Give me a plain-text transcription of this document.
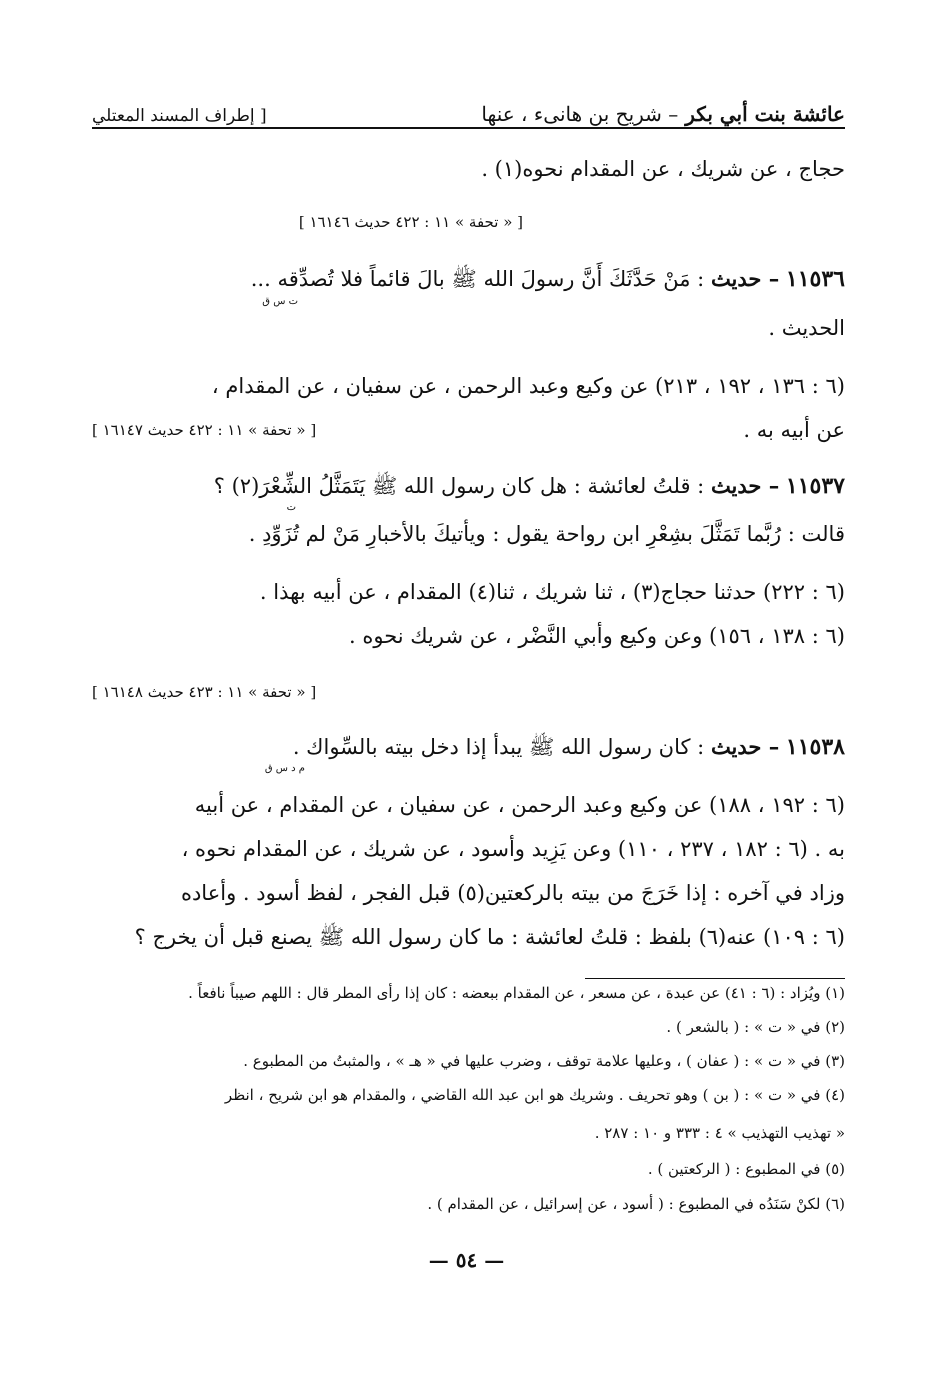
[ إطراف المسند المعتلي	عائشة بنت أبي بكر – شريح بن هانىء ، عنها
حجاج ، عن شريك ، عن المقدام نحوه(١) .
[ « تحفة » ١١ : ٤٢٢ حديث ١٦١٤٦ ]
١١٥٣٦ – حديث : مَنْ حَدَّثَكَ أَنَّ رسولَ الله ﷺ بالَ قائماً فلا تُصدِّقه ...
ت س ق
الحديث .
(٦ : ١٣٦ ، ١٩٢ ، ٢١٣) عن وكيع وعبد الرحمن ، عن سفيان ، عن المقدام ،
عن أبيه به .
[ « تحفة » ١١ : ٤٢٢ حديث ١٦١٤٧ ]
١١٥٣٧ – حديث : قلتُ لعائشة : هل كان رسول الله ﷺ يَتَمَثَّلُ الشِّعْرَ(٢) ؟
ت
قالت : رُبَّما تَمَثَّلَ بشِعْرِ ابن رواحة يقول : ويأتيكَ بالأخبارِ مَنْ لم تُزَوِّدِ .
(٦ : ٢٢٢) حدثنا حجاج(٣) ، ثنا شريك ، ثنا(٤) المقدام ، عن أبيه بهذا .
(٦ : ١٣٨ ، ١٥٦) وعن وكيع وأبي النَّضْر ، عن شريك نحوه .
[ « تحفة » ١١ : ٤٢٣ حديث ١٦١٤٨ ]
١١٥٣٨ – حديث : كان رسول الله ﷺ يبدأ إذا دخل بيته بالسِّواك .
م د س ق
(٦ : ١٩٢ ، ١٨٨) عن وكيع وعبد الرحمن ، عن سفيان ، عن المقدام ، عن أبيه
به . (٦ : ١٨٢ ، ٢٣٧ ، ١١٠) وعن يَزِيد وأسود ، عن شريك ، عن المقدام نحوه ،
وزاد في آخره : إذا خَرَجَ من بيته بالركعتين(٥) قبل الفجر ، لفظ أسود . وأعاده
(٦ : ١٠٩) عنه(٦) بلفظ : قلتُ لعائشة : ما كان رسول الله ﷺ يصنع قبل أن يخرج ؟
(١) ويُزاد : (٦ : ٤١) عن عبدة ، عن مسعر ، عن المقدام ببعضه : كان إذا رأى المطر قال : اللهم صيباً نافعاً .
(٢) في « ت » : ( بالشعر ) .
(٣) في « ت » : ( عفان ) ، وعليها علامة توقف ، وضرب عليها في « هـ » ، والمثبتُ من المطبوع .
(٤) في « ت » : ( بن ) وهو تحريف . وشريك هو ابن عبد الله القاضي ، والمقدام هو ابن شريح ، انظر
« تهذيب التهذيب » ٤ : ٣٣٣ و ١٠ : ٢٨٧ .
(٥) في المطبوع : ( الركعتين ) .
(٦) لكنْ سَنَدُه في المطبوع : ( أسود ، عن إسرائيل ، عن المقدام ) .
— ٥٤ —
